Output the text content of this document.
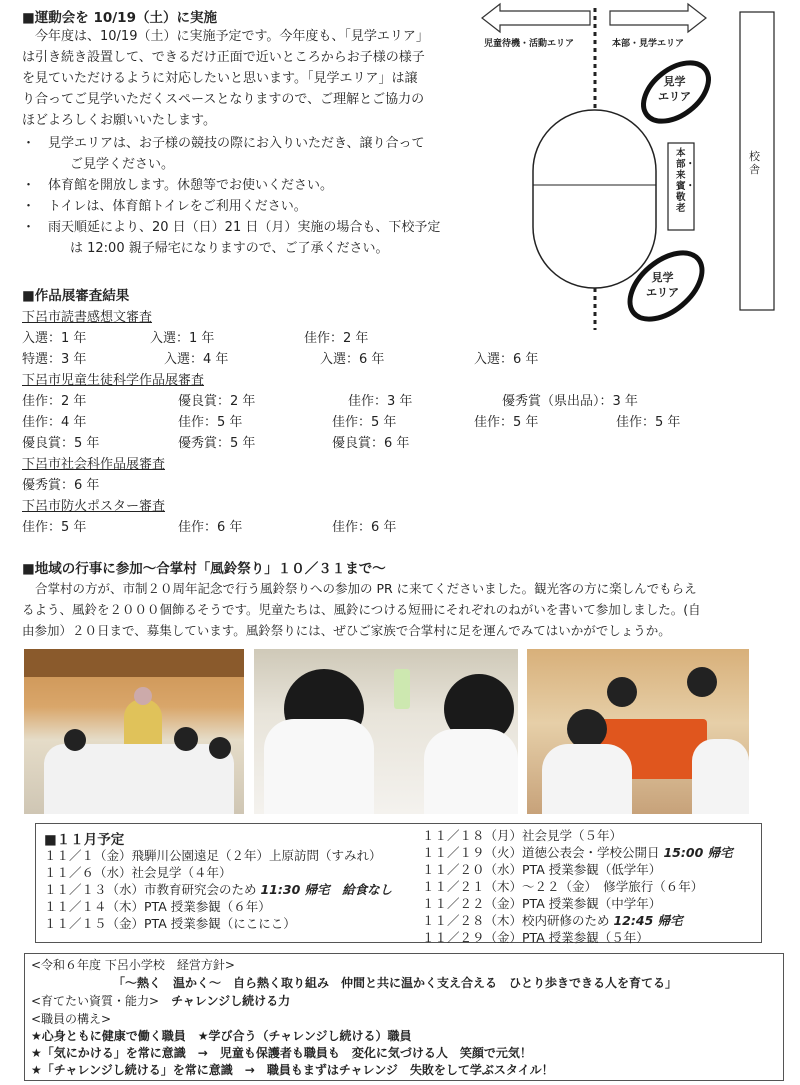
■運動会を 10/19（土）に実施
今年度は、10/19（土）に実施予定です。今年度も、「見学エリア」
は引き続き設置して、できるだけ正面で近いところからお子様の様子
を見ていただけるように対応したいと思います。「見学エリア」は譲
り合ってご見学いただくスペースとなりますので、ご理解とご協力の
ほどよろしくお願いいたします。
・ 見学エリアは、お子様の競技の際にお入りいただき、譲り合って
ご見学ください。
・ 体育館を開放します。休憩等でお使いください。
・ トイレは、体育館トイレをご利用ください。
・ 雨天順延により、20 日（日）21 日（月）実施の場合も、下校予定
は 12:00 親子帰宅になりますので、ご了承ください。
児童待機・活動エリア	本部・見学エリア
見学
エリア
見学
エリア
本部・来賓・敬老
校舎
■作品展審査結果
下呂市読書感想文審査
入選：1 年	入選：1 年	佳作：2 年
特選：3 年	入選：4 年	入選：6 年	入選：6 年
下呂市児童生徒科学作品展審査
佳作：2 年	優良賞：2 年	佳作：3 年	優秀賞（県出品）：3 年
佳作：4 年	佳作：5 年	佳作：5 年	佳作：5 年	佳作：5 年
優良賞：5 年	優秀賞：5 年	優良賞：6 年
下呂市社会科作品展審査
優秀賞：6 年
下呂市防火ポスター審査
佳作：5 年	佳作：6 年	佳作：6 年
■地域の行事に参加～合掌村「風鈴祭り」１０／３１まで～
合掌村の方が、市制２０周年記念で行う風鈴祭りへの参加の PR に来てくださいました。観光客の方に楽しんでもらえ
るよう、風鈴を２０００個飾るそうです。児童たちは、風鈴につける短冊にそれぞれのねがいを書いて参加しました。(自
由参加）２０日まで、募集しています。風鈴祭りには、ぜひご家族で合掌村に足を運んでみてはいかがでしょうか。
■１１月予定
１１／１（金）飛騨川公園遠足（２年）上原訪問（すみれ）
１１／６（水）社会見学（４年）
１１／１３（水）市教育研究会のため 11:30 帰宅　給食なし
１１／１４（木）PTA 授業参観（６年）
１１／１５（金）PTA 授業参観（にこにこ）
１１／１８（月）社会見学（５年）
１１／１９（火）道徳公表会・学校公開日 15:00 帰宅
１１／２０（水）PTA 授業参観（低学年）
１１／２１（木）～２２（金）　修学旅行（６年）
１１／２２（金）PTA 授業参観（中学年）
１１／２８（木）校内研修のため 12:45 帰宅
１１／２９（金）PTA 授業参観（５年）
<令和６年度 下呂小学校　経営方針>
「～熱く　温かく～　自ら熱く取り組み　仲間と共に温かく支え合える　ひとり歩きできる人を育てる」
<育てたい資質・能力>　 チャレンジし続ける力
<職員の構え>
★心身ともに健康で働く職員　★学び合う（チャレンジし続ける）職員
★「気にかける」を常に意識　→　児童も保護者も職員も　変化に気づける人　笑顔で元気！
★「チャレンジし続ける」を常に意識　→　職員もまずはチャレンジ　失敗をして学ぶスタイル！
